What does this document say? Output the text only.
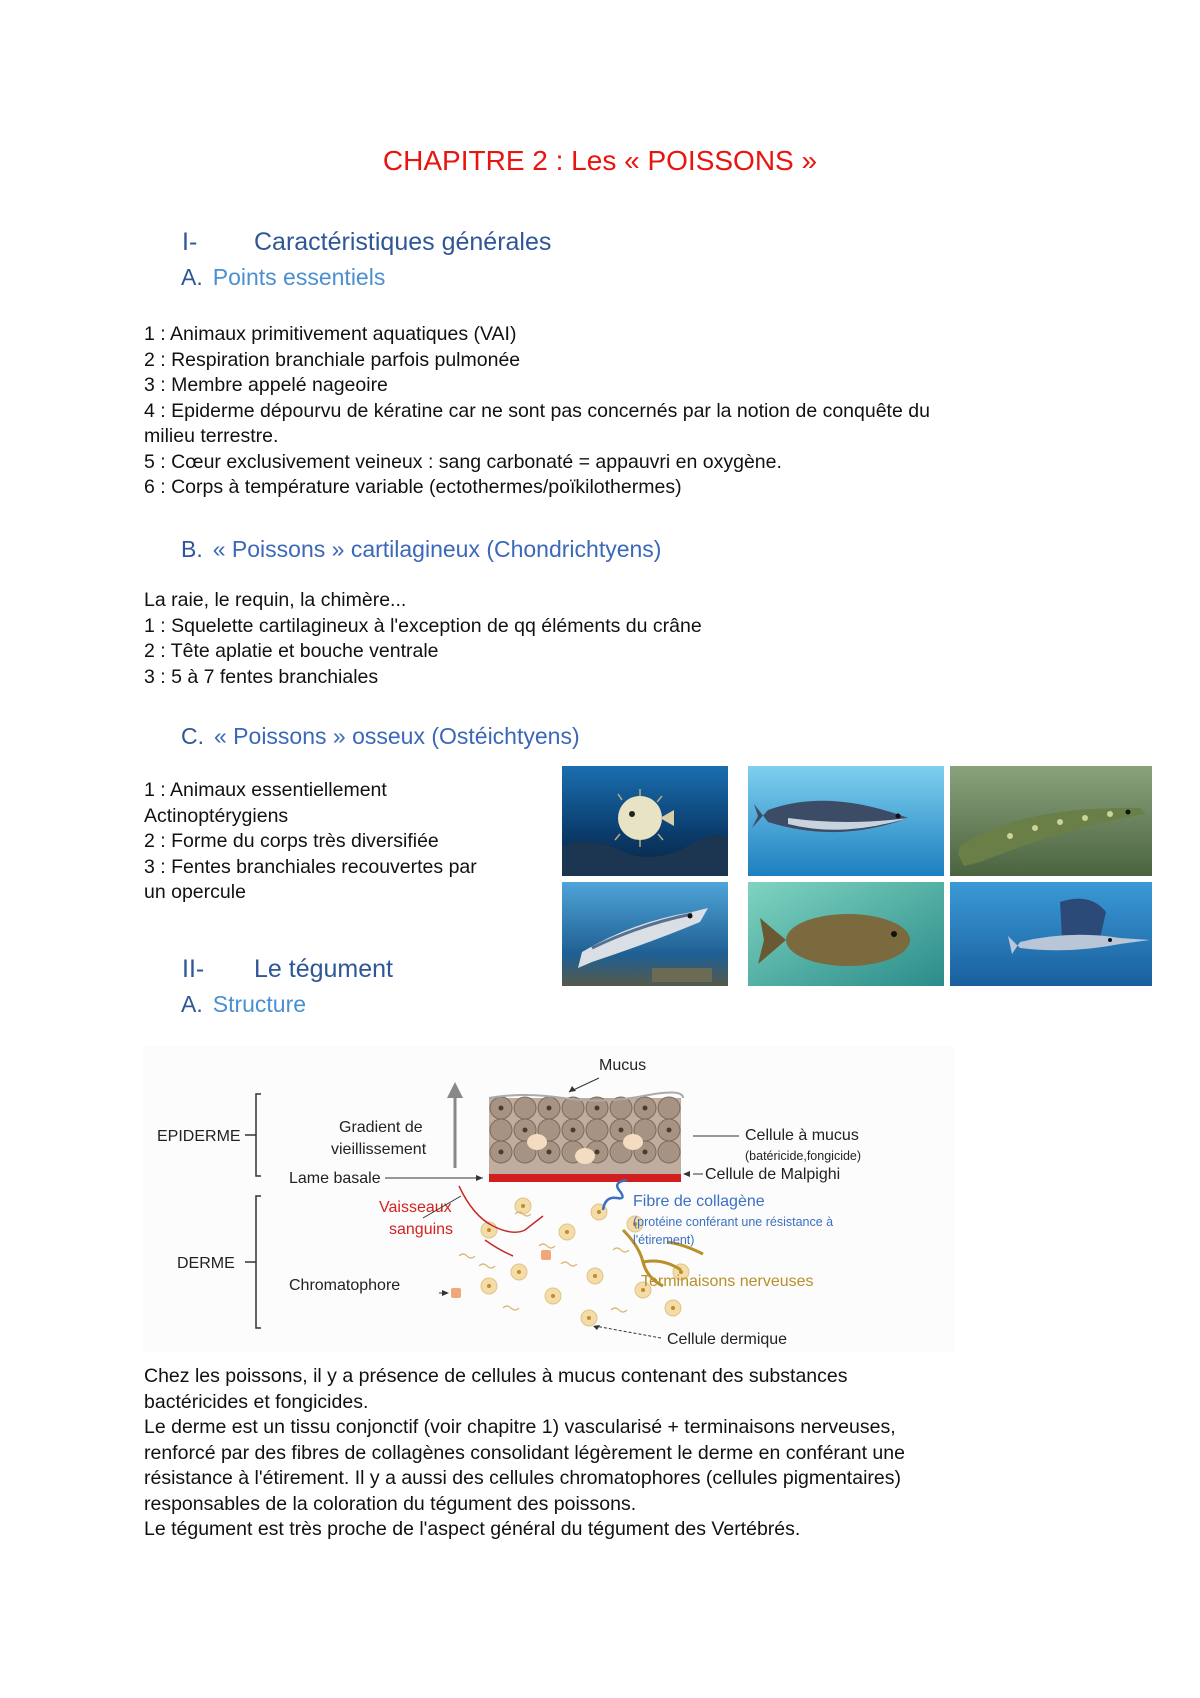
CHAPITRE 2 : Les « POISSONS »
I- Caractéristiques générales
A. Points essentiels
1 : Animaux primitivement aquatiques (VAI)
2 : Respiration branchiale parfois pulmonée
3 : Membre appelé nageoire
4 : Epiderme dépourvu de kératine car ne sont pas concernés par la notion de conquête du
milieu terrestre.
5 : Cœur exclusivement veineux : sang carbonaté = appauvri en oxygène.
6 : Corps à température variable (ectothermes/poïkilothermes)
B. « Poissons » cartilagineux (Chondrichtyens)
La raie, le requin, la chimère...
1 : Squelette cartilagineux à l'exception de qq éléments du crâne
2 : Tête aplatie et bouche ventrale
3 : 5 à 7 fentes branchiales
C. « Poissons » osseux (Ostéichtyens)
1 : Animaux essentiellement
Actinoptérygiens
2 : Forme du corps très diversifiée
3 : Fentes branchiales recouvertes par
un opercule
II- Le tégument
A. Structure
EPIDERME
DERME
Gradient de
vieillissement
Mucus
Lame basale
Cellule à mucus
(batéricide,fongicide)
Cellule de Malpighi
Vaisseaux
sanguins
Chromatophore
Fibre de collagène
(protéine conférant une résistance à
l'étirement)
Terminaisons nerveuses
Cellule dermique
Chez les poissons, il y a présence de cellules à mucus contenant des substances
bactéricides et fongicides.
Le derme est un tissu conjonctif (voir chapitre 1) vascularisé + terminaisons nerveuses,
renforcé par des fibres de collagènes consolidant légèrement le derme en conférant une
résistance à l'étirement. Il y a aussi des cellules chromatophores (cellules pigmentaires)
responsables de la coloration du tégument des poissons.
Le tégument est très proche de l'aspect général du tégument des Vertébrés.
